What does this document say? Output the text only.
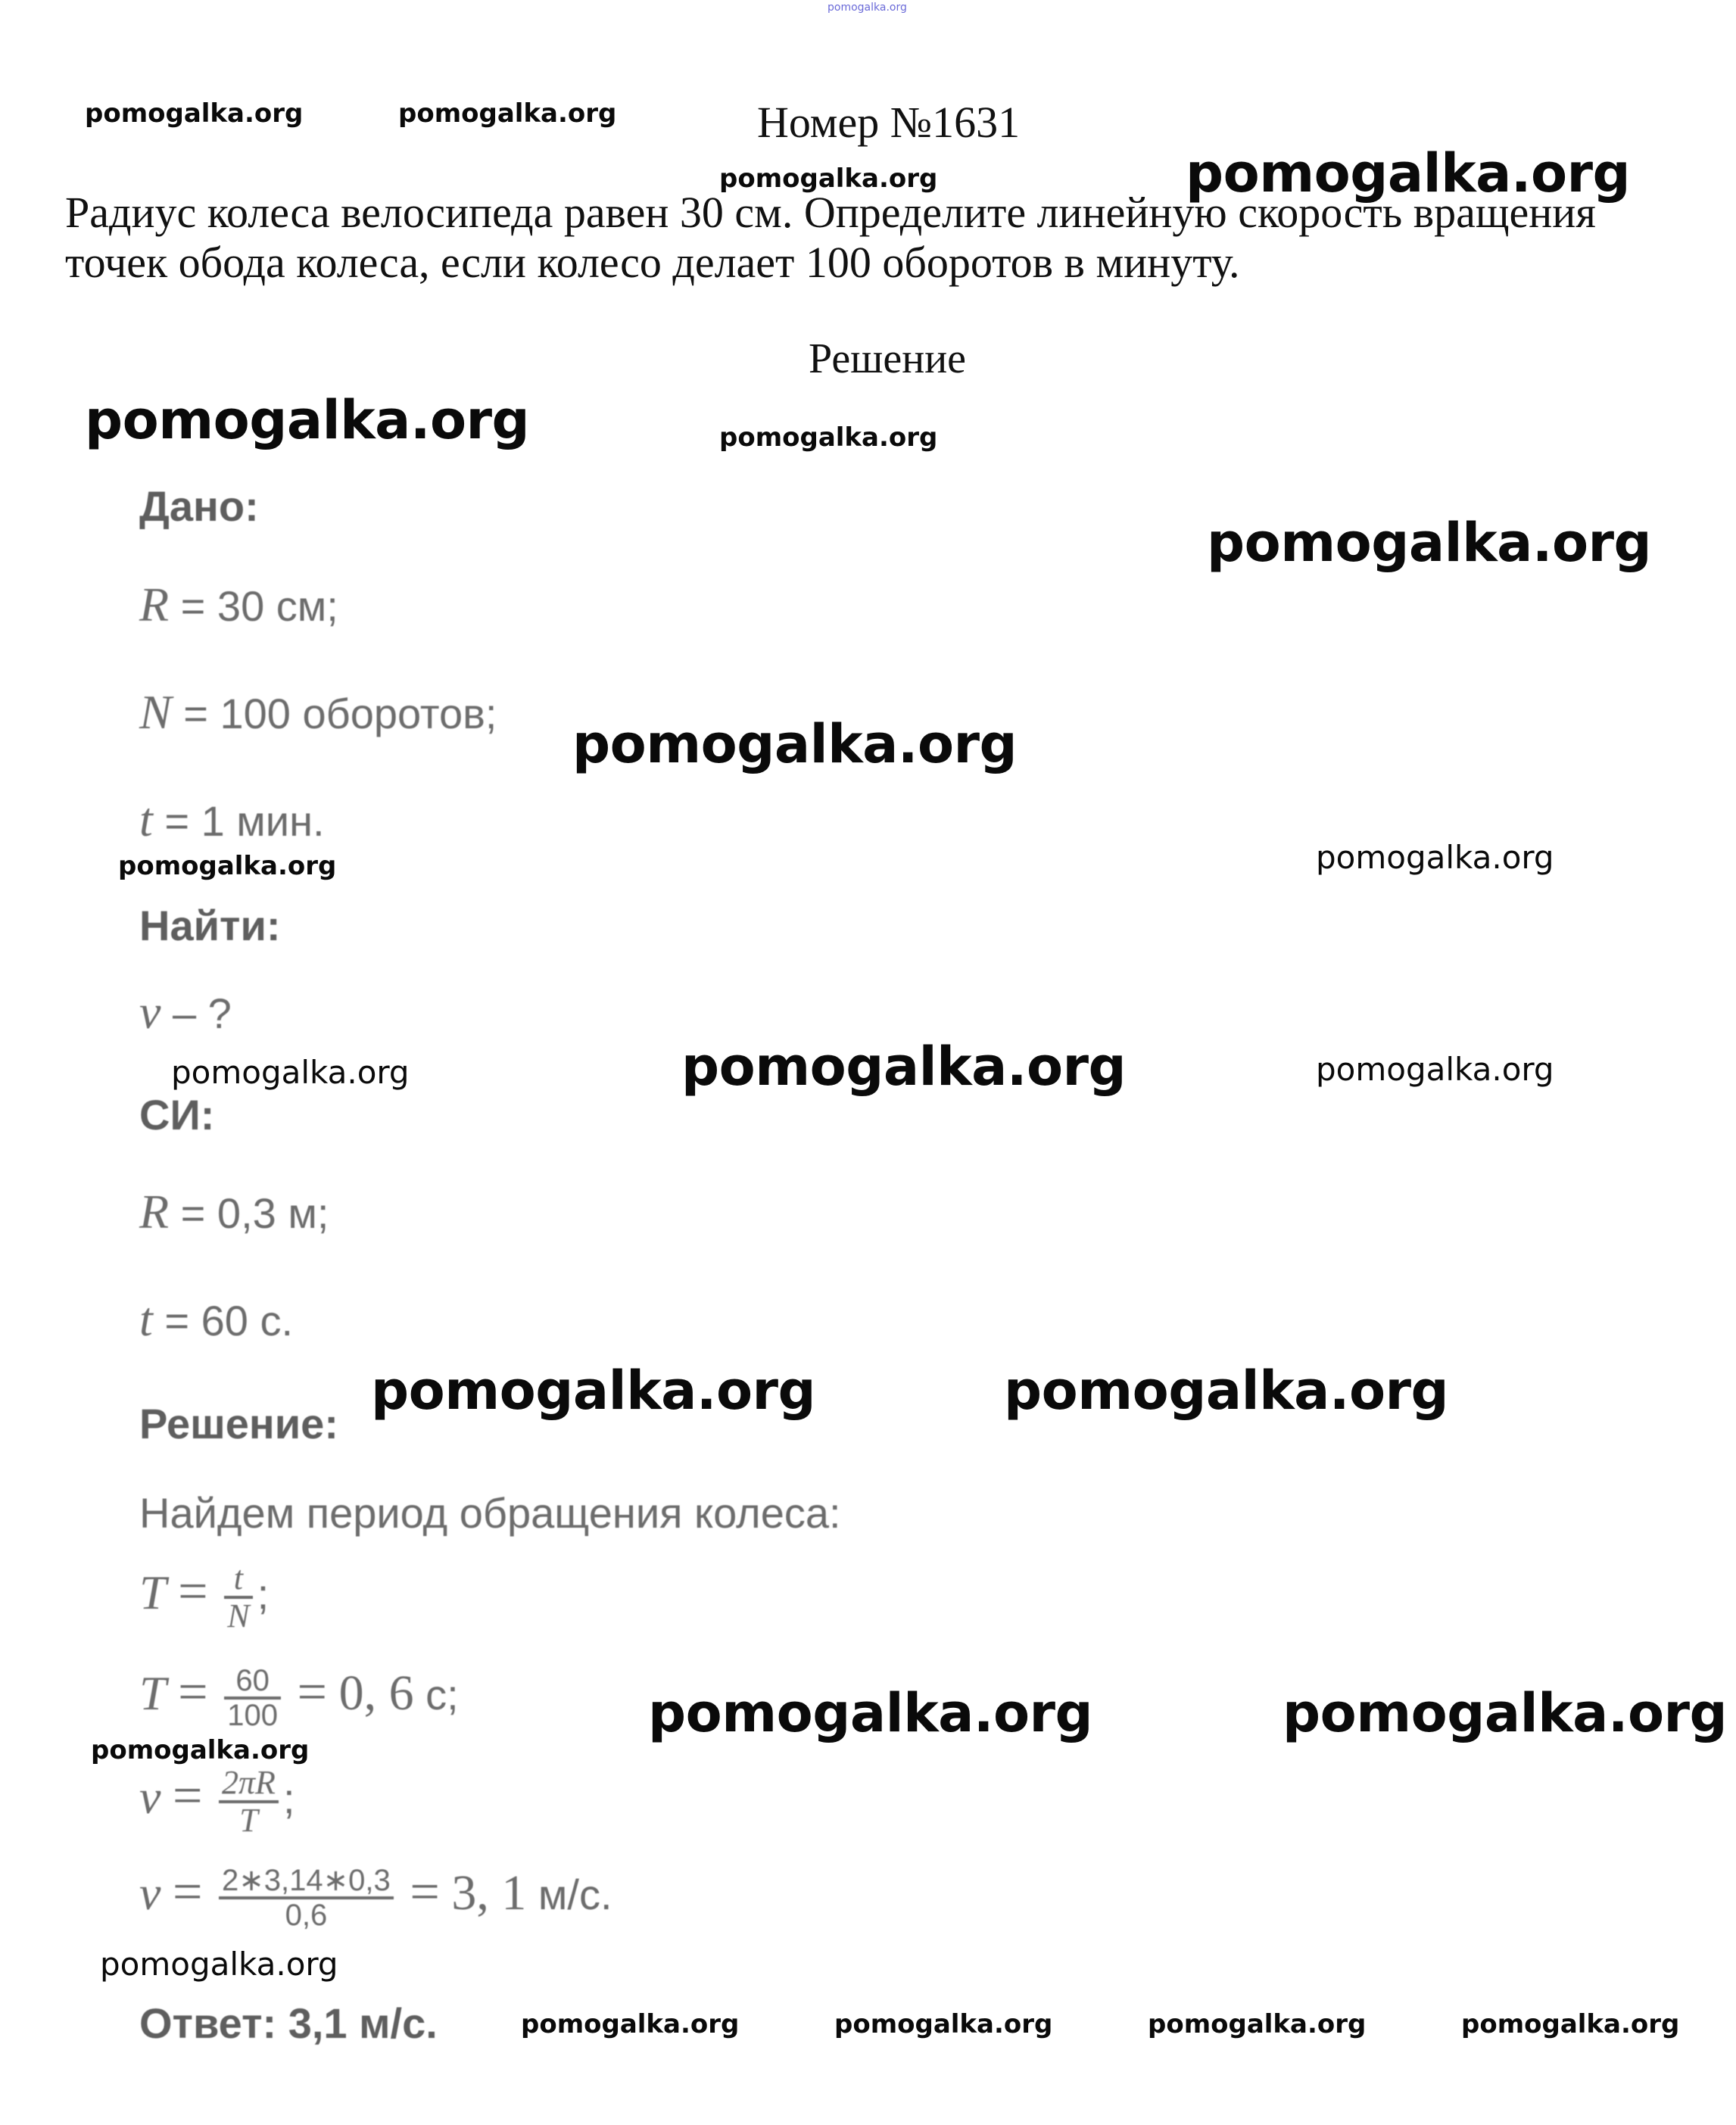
pomogalka.org
Номер №1631
Радиус колеса велосипеда равен 30 см. Определите линейную скорость вращения
точек обода колеса, если колесо делает 100 оборотов в минуту.
Решение
Дано:
R = 30 см;
N = 100 оборотов;
t = 1 мин.
Найти:
v – ?
СИ:
R = 0,3 м;
t = 60 с.
Решение:
Найдем период обращения колеса:
$T = \frac{t}{N}$ ;
$T = \frac{60}{100} = 0$, 6 с;
$v = \frac{2\pi R}{T}$ ;
$v = \frac{2∗3,14∗0,3}{0,6} = 3$, 1 м/с.
Ответ: 3,1 м/с.
pomogalka.org	pomogalka.org
pomogalka.org	pomogalka.org
pomogalka.org	pomogalka.org
pomogalka.org
pomogalka.org
pomogalka.org	pomogalka.org
pomogalka.org	pomogalka.org	pomogalka.org
pomogalka.org	pomogalka.org
pomogalka.org	pomogalka.org
pomogalka.org
pomogalka.org
pomogalka.org	pomogalka.org	pomogalka.org	pomogalka.org
